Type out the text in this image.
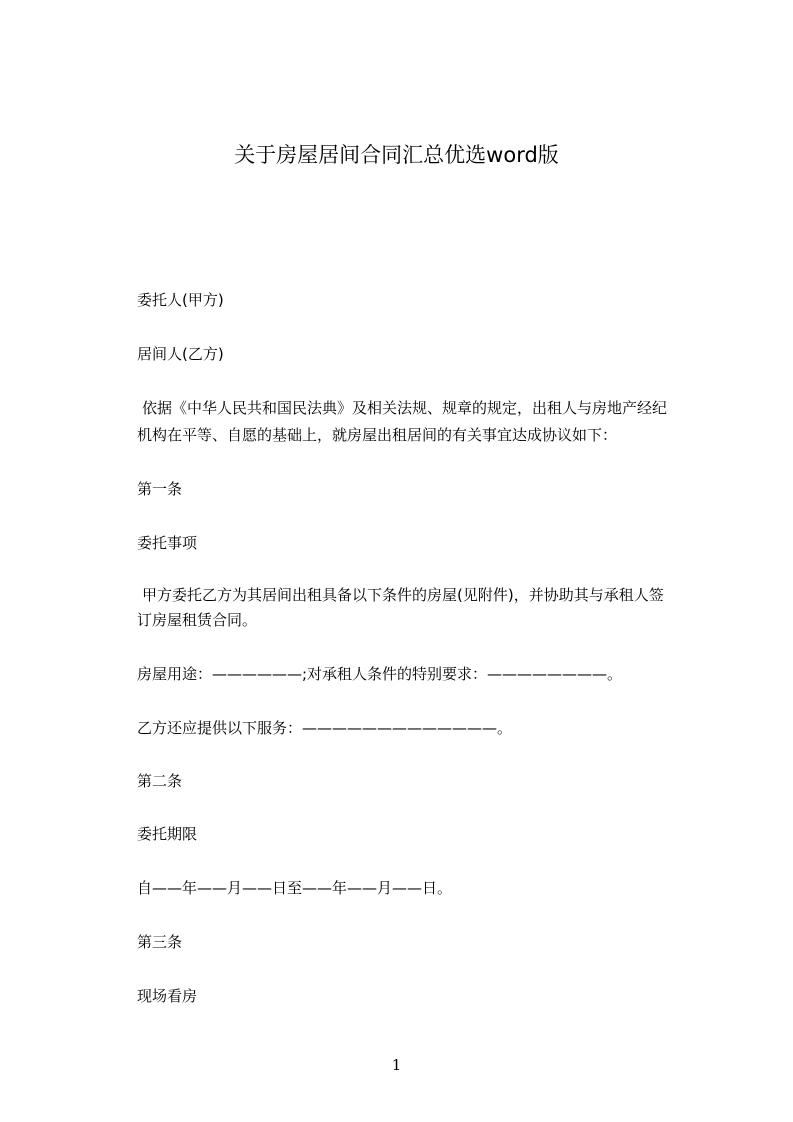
关于房屋居间合同汇总优选word版
委托人(甲方)
居间人(乙方)
依据《中华人民共和国民法典》及相关法规、规章的规定，出租人与房地产经纪
机构在平等、自愿的基础上，就房屋出租居间的有关事宜达成协议如下：
第一条
委托事项
甲方委托乙方为其居间出租具备以下条件的房屋(见附件)，并协助其与承租人签
订房屋租赁合同。
房屋用途：——————;对承租人条件的特别要求：————————。
乙方还应提供以下服务：—————————————。
第二条
委托期限
自——年——月——日至——年——月——日。
第三条
现场看房
1
